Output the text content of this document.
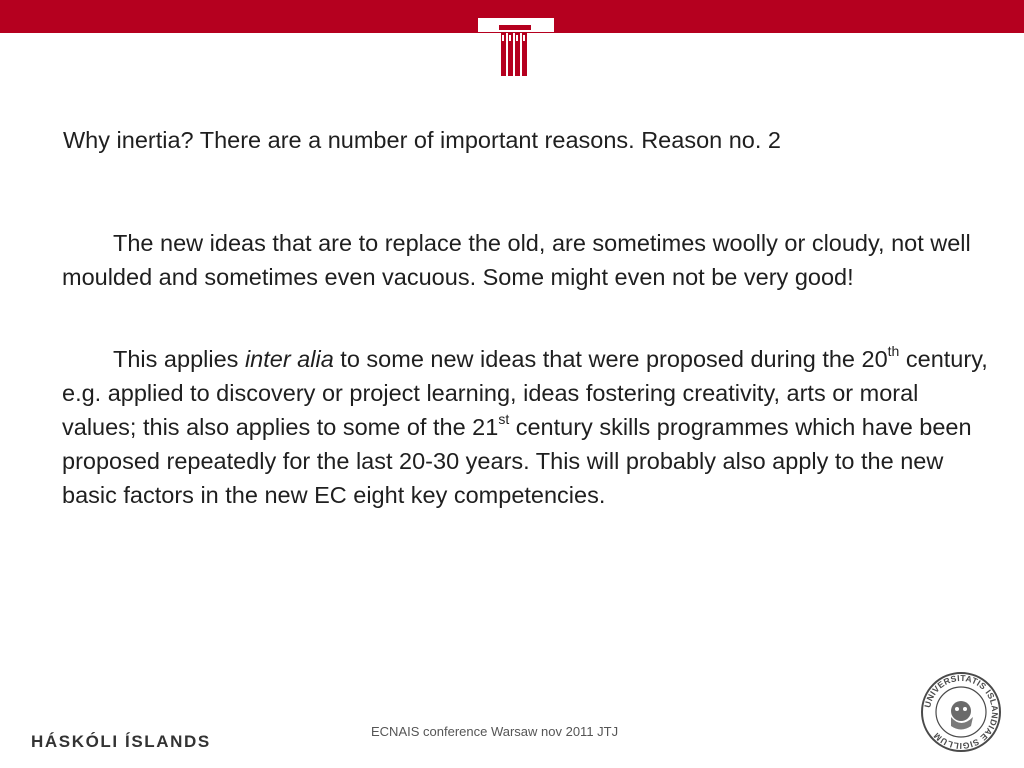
Why inertia? There are a number of important reasons. Reason no. 2

The new ideas that are to replace the old, are sometimes woolly or cloudy, not well moulded and sometimes even vacuous. Some might even not be very good!

This applies inter alia to some new ideas that were proposed during the 20th century, e.g. applied to discovery or project learning, ideas fostering creativity, arts or moral values; this also applies to some of the 21st century skills programmes which have been proposed repeatedly for the last 20-30 years. This will probably also apply to the new basic factors in the new EC eight key competencies.

HÁSKÓLI ÍSLANDS
ECNAIS conference Warsaw nov 2011 JTJ
UNIVERSITATIS ISLANDIAE SIGILLUM
